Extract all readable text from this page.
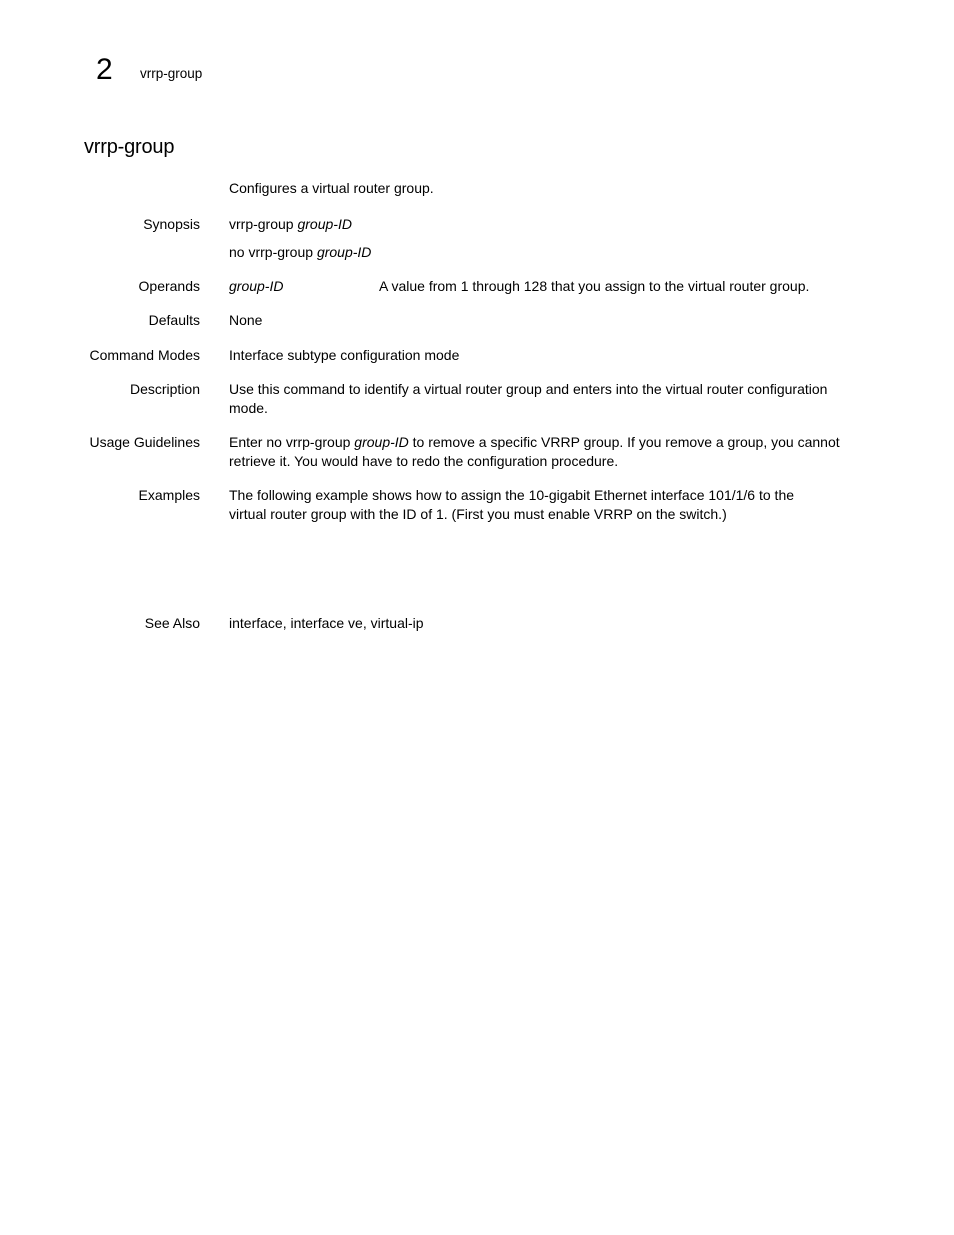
2 vrrp-group
vrrp-group
Configures a virtual router group.
Synopsis vrrp-group group-ID
no vrrp-group group-ID
Operands group-ID	A value from 1 through 128 that you assign to the virtual router group.
Defaults None
Command Modes Interface subtype configuration mode
Description Use this command to identify a virtual router group and enters into the virtual router configuration
mode.
Usage Guidelines Enter no vrrp-group group-ID to remove a specific VRRP group. If you remove a group, you cannot
retrieve it. You would have to redo the configuration procedure.
Examples The following example shows how to assign the 10-gigabit Ethernet interface 101/1/6 to the
virtual router group with the ID of 1. (First you must enable VRRP on the switch.)
See Also interface, interface ve, virtual-ip
